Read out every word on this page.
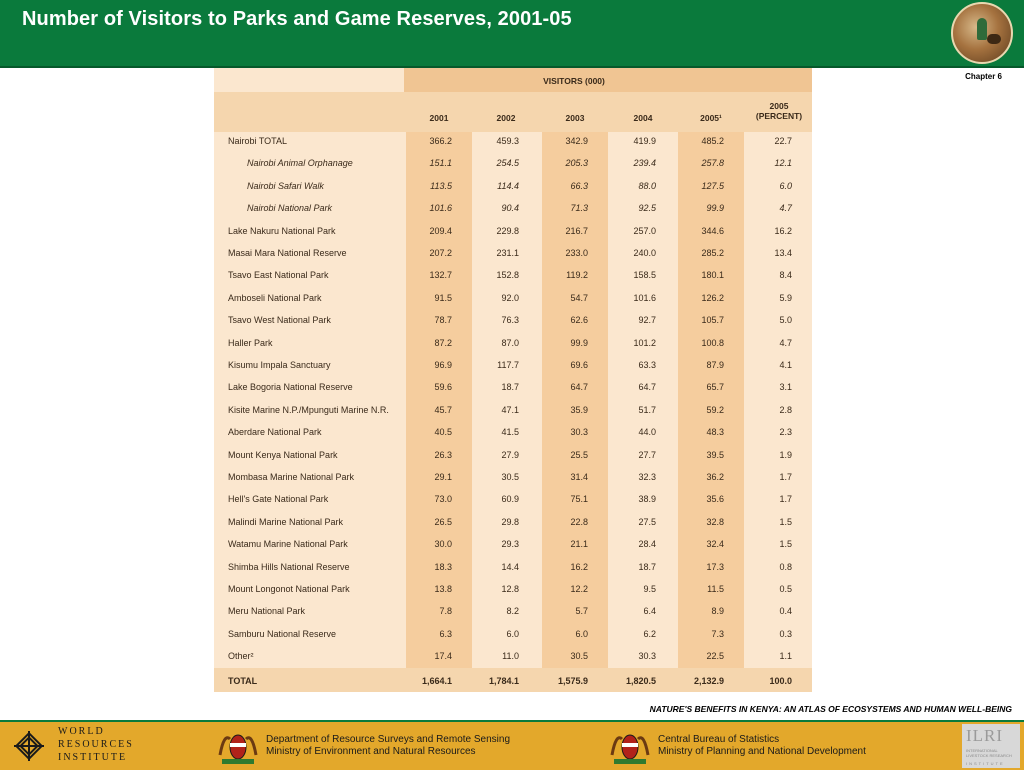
Number of Visitors to Parks and Game Reserves, 2001-05
Chapter 6
VISITORS (000)
2001	2002	2003	2004	2005¹
2005
(PERCENT)
Nairobi TOTAL	366.2	459.3	342.9	419.9	485.2	22.7
Nairobi Animal Orphanage	151.1	254.5	205.3	239.4	257.8	12.1
Nairobi Safari Walk	113.5	114.4	66.3	88.0	127.5	6.0
Nairobi National Park	101.6	90.4	71.3	92.5	99.9	4.7
Lake Nakuru National Park	209.4	229.8	216.7	257.0	344.6	16.2
Masai Mara National Reserve	207.2	231.1	233.0	240.0	285.2	13.4
Tsavo East National Park	132.7	152.8	119.2	158.5	180.1	8.4
Amboseli National Park	91.5	92.0	54.7	101.6	126.2	5.9
Tsavo West National Park	78.7	76.3	62.6	92.7	105.7	5.0
Haller Park	87.2	87.0	99.9	101.2	100.8	4.7
Kisumu Impala Sanctuary	96.9	117.7	69.6	63.3	87.9	4.1
Lake Bogoria National Reserve	59.6	18.7	64.7	64.7	65.7	3.1
Kisite Marine N.P./Mpunguti Marine N.R.	45.7	47.1	35.9	51.7	59.2	2.8
Aberdare National Park	40.5	41.5	30.3	44.0	48.3	2.3
Mount Kenya National Park	26.3	27.9	25.5	27.7	39.5	1.9
Mombasa Marine National Park	29.1	30.5	31.4	32.3	36.2	1.7
Hell's Gate National Park	73.0	60.9	75.1	38.9	35.6	1.7
Malindi Marine National Park	26.5	29.8	22.8	27.5	32.8	1.5
Watamu Marine National Park	30.0	29.3	21.1	28.4	32.4	1.5
Shimba Hills National Reserve	18.3	14.4	16.2	18.7	17.3	0.8
Mount Longonot National Park	13.8	12.8	12.2	9.5	11.5	0.5
Meru National Park	7.8	8.2	5.7	6.4	8.9	0.4
Samburu National Reserve	6.3	6.0	6.0	6.2	7.3	0.3
Other²	17.4	11.0	30.5	30.3	22.5	1.1
TOTAL	1,664.1	1,784.1	1,575.9	1,820.5	2,132.9	100.0
NATURE'S BENEFITS IN KENYA: AN ATLAS OF ECOSYSTEMS AND HUMAN WELL-BEING
WORLD
RESOURCES
INSTITUTE
Department of Resource Surveys and Remote Sensing
Ministry of Environment and Natural Resources
Central Bureau of Statistics
Ministry of Planning and National Development
ILRI
INTERNATIONAL
LIVESTOCK RESEARCH
INSTITUTE
